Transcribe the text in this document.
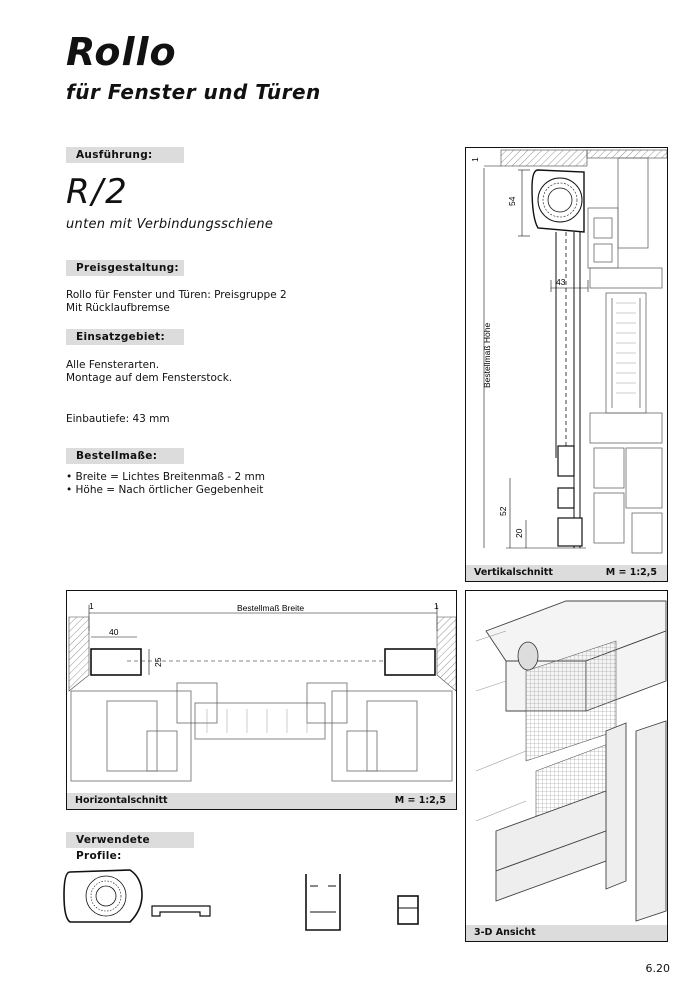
Rollo
für Fenster und Türen
Ausführung:
R/2
unten mit Verbindungsschiene
Preisgestaltung:
Rollo für Fenster und Türen: Preisgruppe 2
Mit Rücklaufbremse
Einsatzgebiet:
Alle Fensterarten.
Montage auf dem Fensterstock.
Einbautiefe: 43 mm
Bestellmaße:
• Breite = Lichtes Breitenmaß - 2 mm
• Höhe = Nach örtlicher Gegebenheit
54
1
43
Bestellmaß Höhe
52
20
Vertikalschnitt	M = 1:2,5
Bestellmaß Breite
1	1
40
25
Horizontalschnitt	M = 1:2,5
3-D Ansicht
Verwendete Profile:
6.20
